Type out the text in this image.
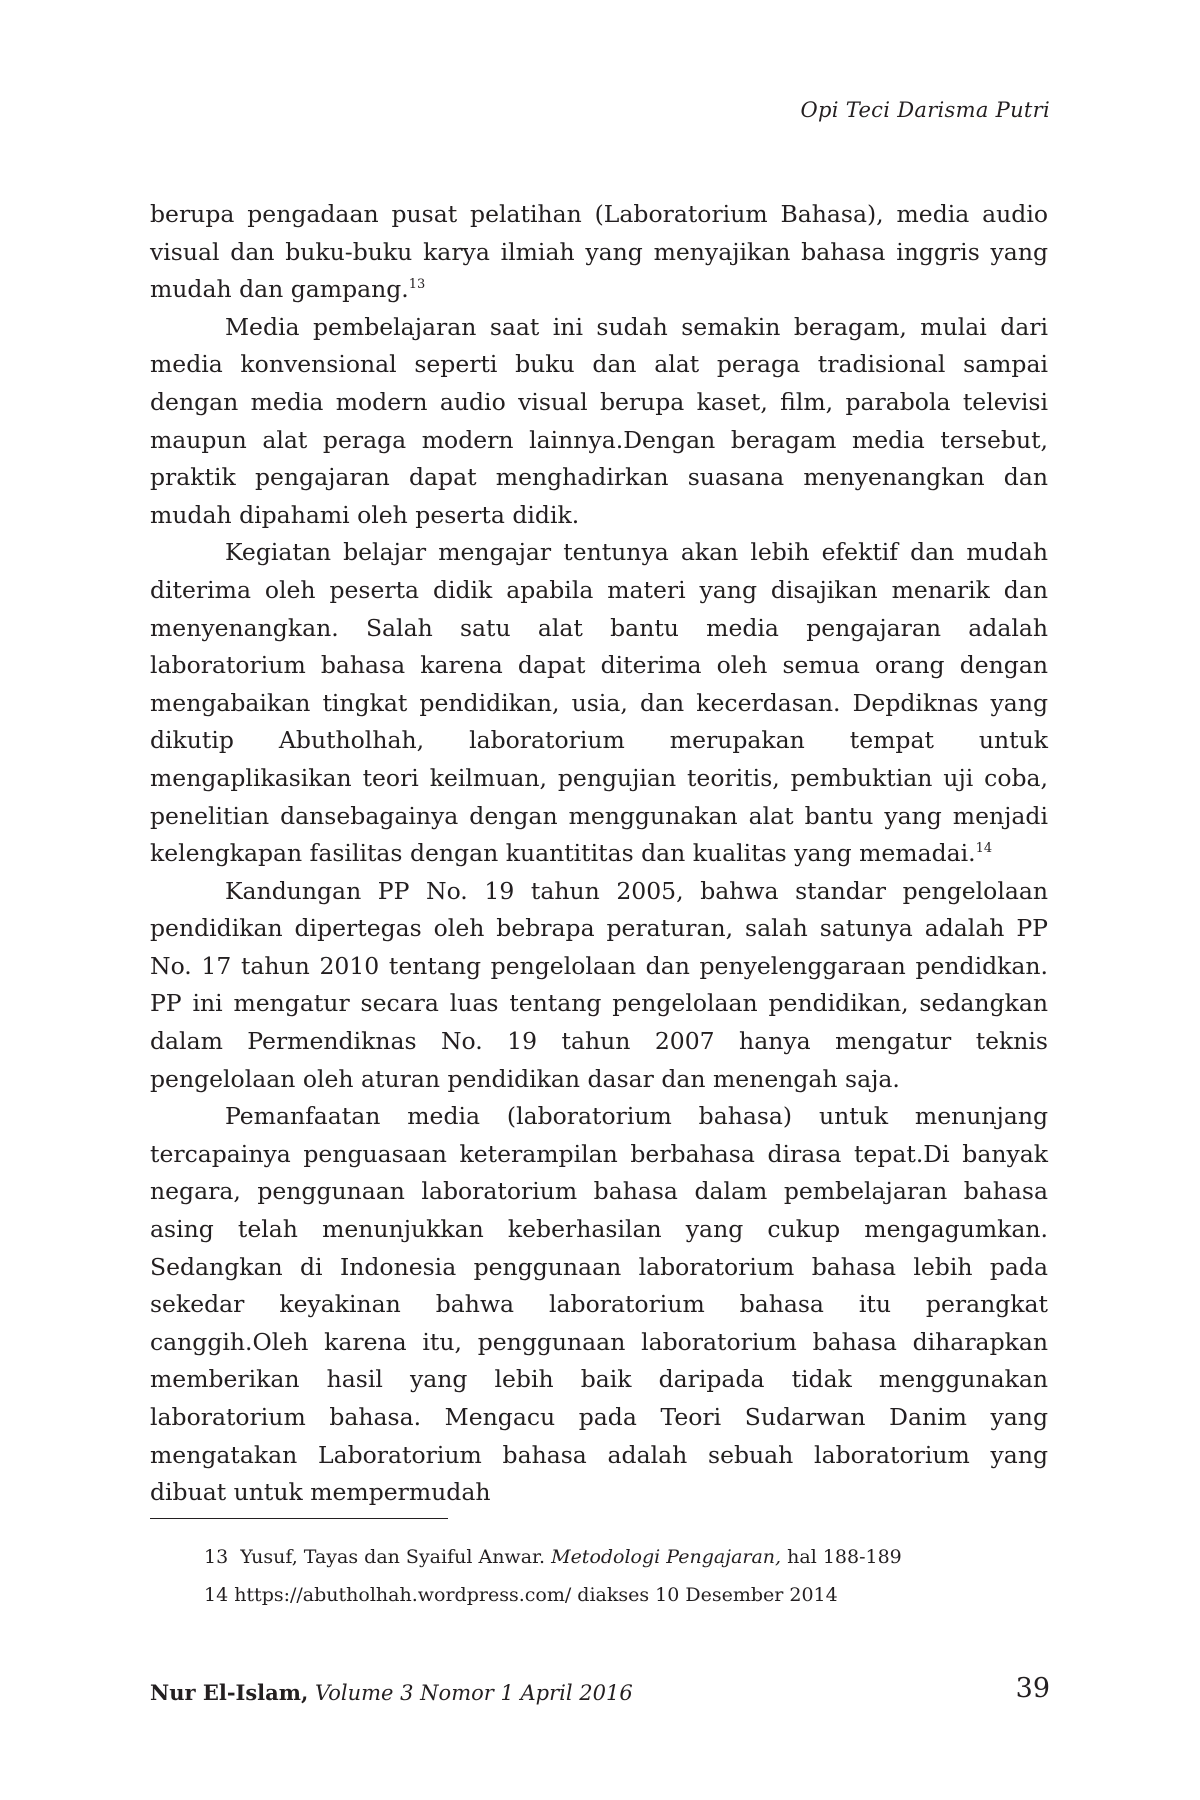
Opi Teci Darisma Putri

berupa pengadaan pusat pelatihan (Laboratorium Bahasa), media audio visual dan buku-buku karya ilmiah yang menyajikan bahasa inggris yang mudah dan gampang.$^{13}$

Media pembelajaran saat ini sudah semakin beragam, mulai dari media konvensional seperti buku dan alat peraga tradisional sampai dengan media modern audio visual berupa kaset, film, parabola televisi maupun alat peraga modern lainnya.Dengan beragam media tersebut, praktik pengajaran dapat menghadirkan suasana menyenangkan dan mudah dipahami oleh peserta didik.

Kegiatan belajar mengajar tentunya akan lebih efektif dan mudah diterima oleh peserta didik apabila materi yang disajikan menarik dan menyenangkan. Salah satu alat bantu media pengajaran adalah laboratorium bahasa karena dapat diterima oleh semua orang dengan mengabaikan tingkat pendidikan, usia, dan kecerdasan. Depdiknas yang dikutip Abutholhah, laboratorium merupakan tempat untuk mengaplikasikan teori keilmuan, pengujian teoritis, pembuktian uji coba, penelitian dansebagainya dengan menggunakan alat bantu yang menjadi kelengkapan fasilitas dengan kuantititas dan kualitas yang memadai.$^{14}$

Kandungan PP No. 19 tahun 2005, bahwa standar pengelolaan pendidikan dipertegas oleh bebrapa peraturan, salah satunya adalah PP No. 17 tahun 2010 tentang pengelolaan dan penyelenggaraan pendidkan. PP ini mengatur secara luas tentang pengelolaan pendidikan, sedangkan dalam Permendiknas No. 19 tahun 2007 hanya mengatur teknis pengelolaan oleh aturan pendidikan dasar dan menengah saja.

Pemanfaatan media (laboratorium bahasa) untuk menunjang tercapainya penguasaan keterampilan berbahasa dirasa tepat.Di banyak negara, penggunaan laboratorium bahasa dalam pembelajaran bahasa asing telah menunjukkan keberhasilan yang cukup mengagumkan. Sedangkan di Indonesia penggunaan laboratorium bahasa lebih pada sekedar keyakinan bahwa laboratorium bahasa itu perangkat canggih.Oleh karena itu, penggunaan laboratorium bahasa diharapkan memberikan hasil yang lebih baik daripada tidak menggunakan laboratorium bahasa. Mengacu pada Teori Sudarwan Danim yang mengatakan Laboratorium bahasa adalah sebuah laboratorium yang dibuat untuk mempermudah

13 Yusuf, Tayas dan Syaiful Anwar. Metodologi Pengajaran, hal 188-189

14 https://abutholhah.wordpress.com/ diakses 10 Desember 2014

Nur El-Islam, Volume 3 Nomor 1 April 2016	39
